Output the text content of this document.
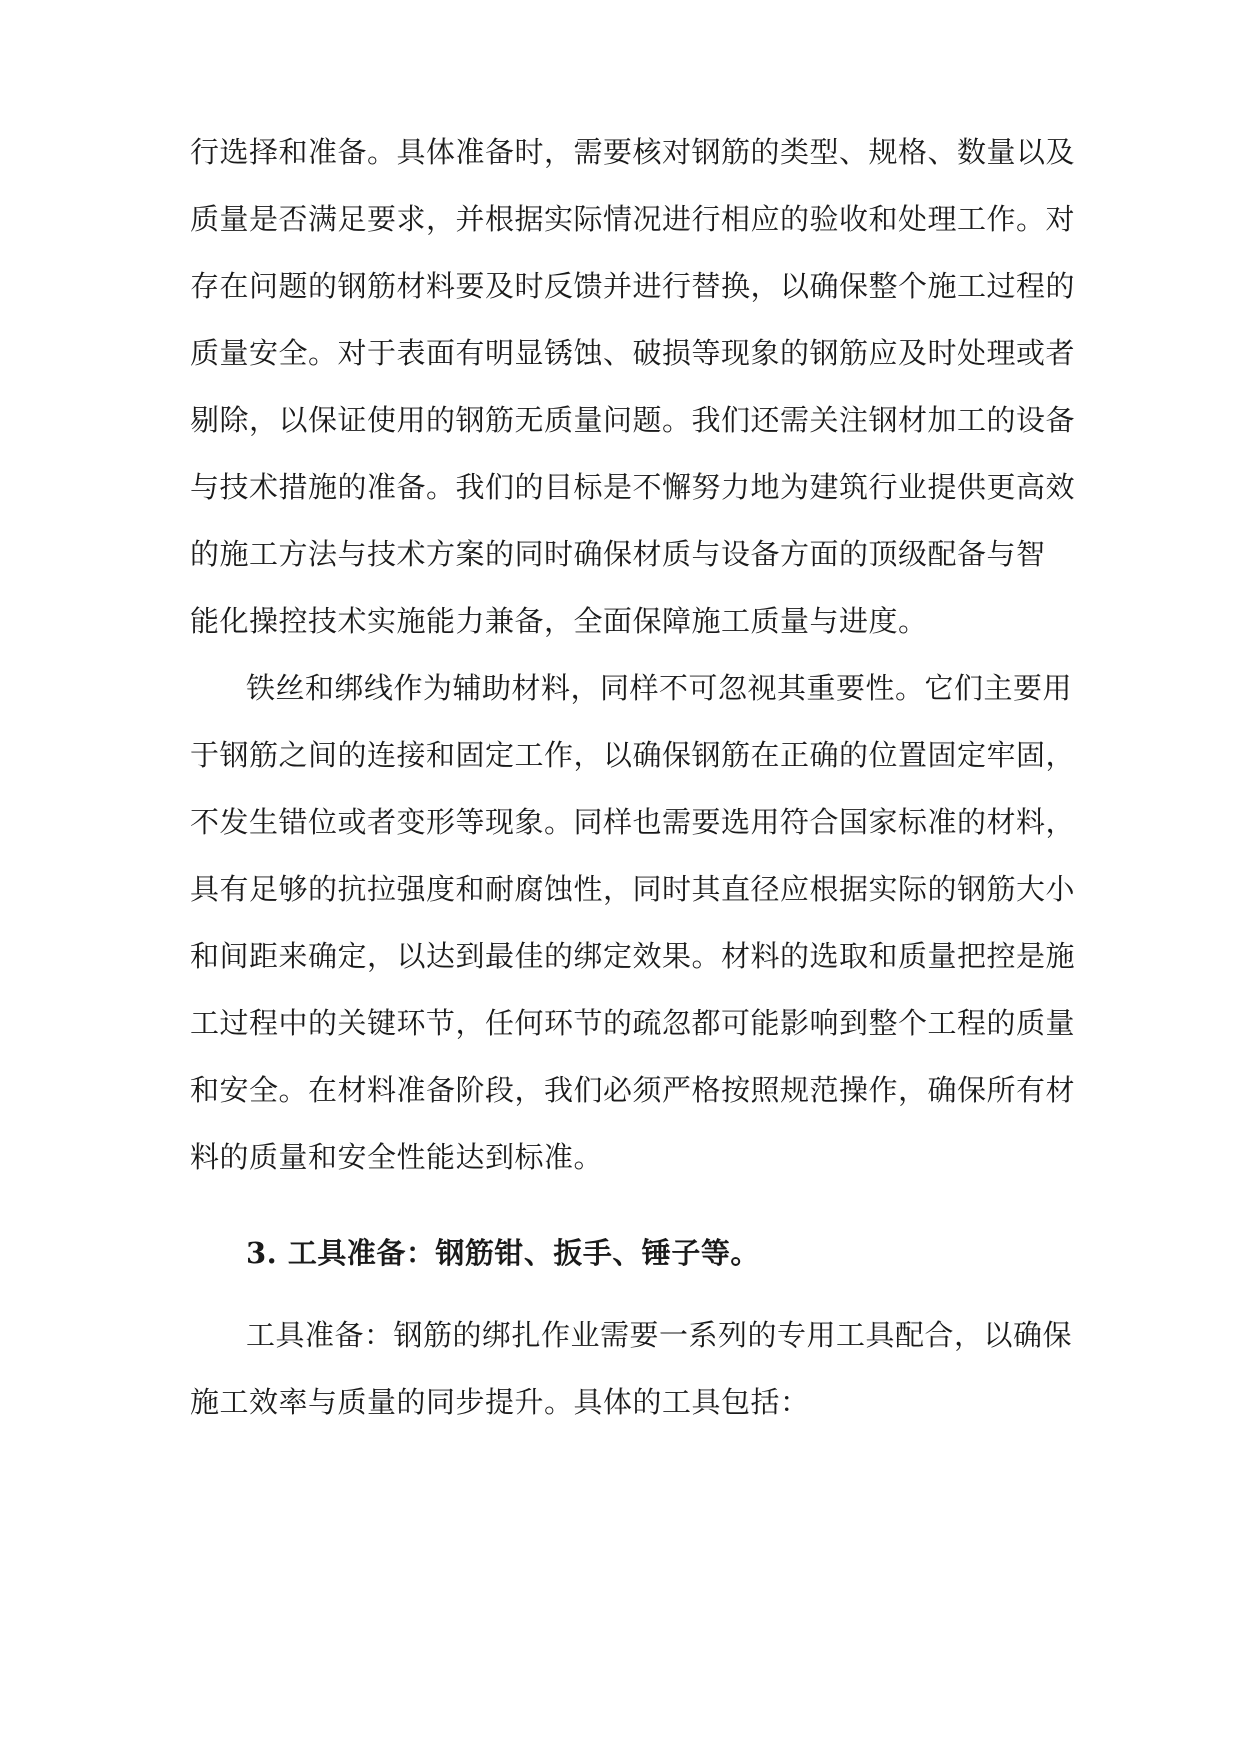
行选择和准备。具体准备时，需要核对钢筋的类型、规格、数量以及
质量是否满足要求，并根据实际情况进行相应的验收和处理工作。对
存在问题的钢筋材料要及时反馈并进行替换，以确保整个施工过程的
质量安全。对于表面有明显锈蚀、破损等现象的钢筋应及时处理或者
剔除，以保证使用的钢筋无质量问题。我们还需关注钢材加工的设备
与技术措施的准备。我们的目标是不懈努力地为建筑行业提供更高效
的施工方法与技术方案的同时确保材质与设备方面的顶级配备与智
能化操控技术实施能力兼备，全面保障施工质量与进度。
铁丝和绑线作为辅助材料，同样不可忽视其重要性。它们主要用
于钢筋之间的连接和固定工作，以确保钢筋在正确的位置固定牢固，
不发生错位或者变形等现象。同样也需要选用符合国家标准的材料，
具有足够的抗拉强度和耐腐蚀性，同时其直径应根据实际的钢筋大小
和间距来确定，以达到最佳的绑定效果。材料的选取和质量把控是施
工过程中的关键环节，任何环节的疏忽都可能影响到整个工程的质量
和安全。在材料准备阶段，我们必须严格按照规范操作，确保所有材
料的质量和安全性能达到标准。
3. 工具准备：钢筋钳、扳手、锤子等。
工具准备：钢筋的绑扎作业需要一系列的专用工具配合，以确保
施工效率与质量的同步提升。具体的工具包括：
